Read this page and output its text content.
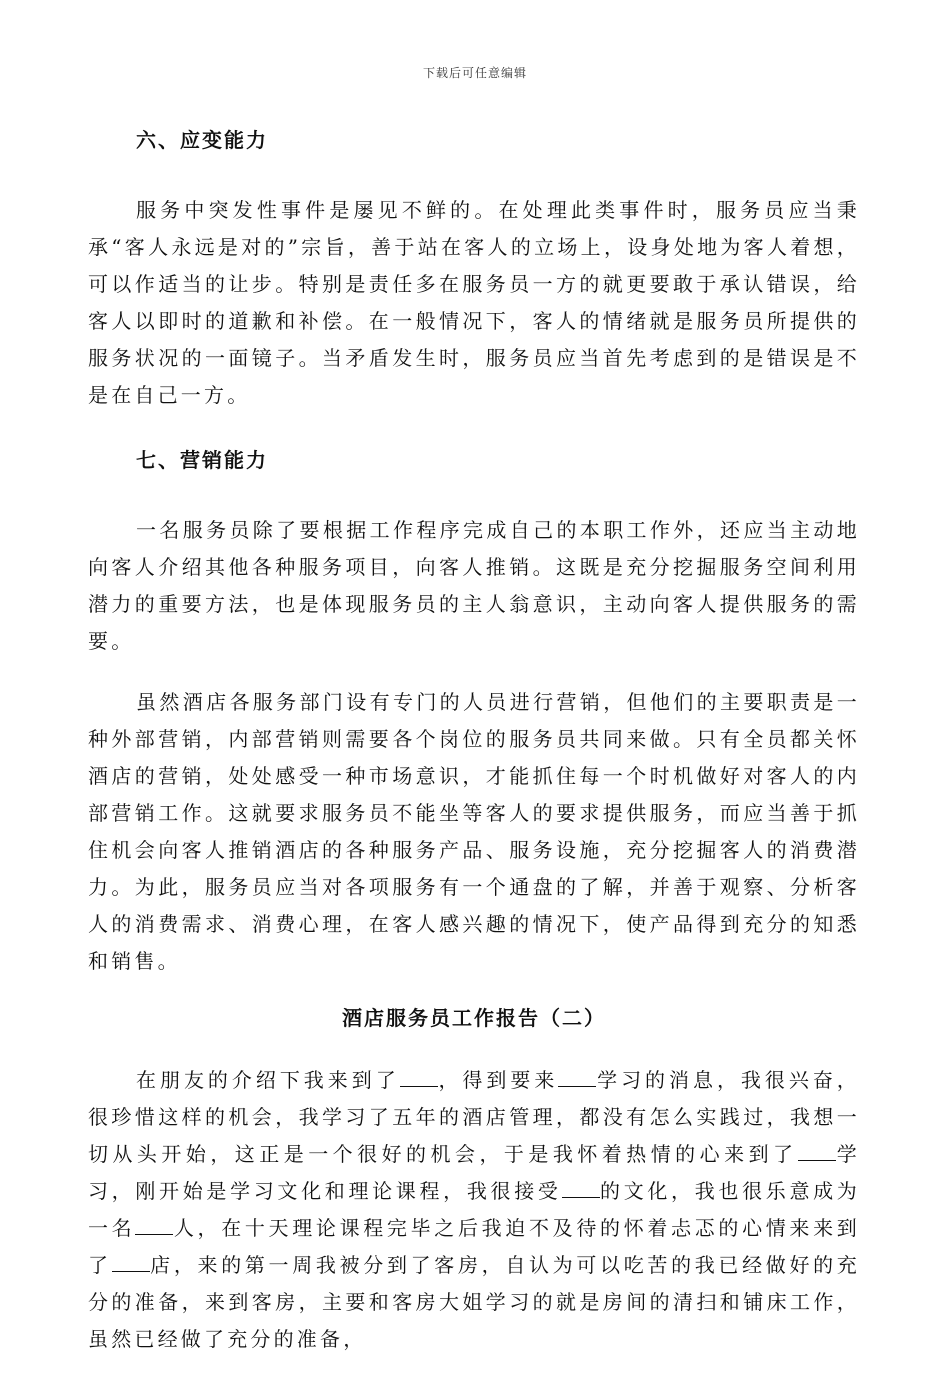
下载后可任意编辑
六、应变能力

服务中突发性事件是屡见不鲜的。在处理此类事件时，服务员应当秉承“客人永远是对的”宗旨，善于站在客人的立场上，设身处地为客人着想，可以作适当的让步。特别是责任多在服务员一方的就更要敢于承认错误，给客人以即时的道歉和补偿。在一般情况下，客人的情绪就是服务员所提供的服务状况的一面镜子。当矛盾发生时，服务员应当首先考虑到的是错误是不是在自己一方。

七、营销能力

一名服务员除了要根据工作程序完成自己的本职工作外，还应当主动地向客人介绍其他各种服务项目，向客人推销。这既是充分挖掘服务空间利用潜力的重要方法，也是体现服务员的主人翁意识，主动向客人提供服务的需要。

虽然酒店各服务部门设有专门的人员进行营销，但他们的主要职责是一种外部营销，内部营销则需要各个岗位的服务员共同来做。只有全员都关怀酒店的营销，处处感受一种市场意识，才能抓住每一个时机做好对客人的内部营销工作。这就要求服务员不能坐等客人的要求提供服务，而应当善于抓住机会向客人推销酒店的各种服务产品、服务设施，充分挖掘客人的消费潜力。为此，服务员应当对各项服务有一个通盘的了解，并善于观察、分析客人的消费需求、消费心理，在客人感兴趣的情况下，使产品得到充分的知悉和销售。

酒店服务员工作报告（二）

在朋友的介绍下我来到了 ，得到要来 学习的消息，我很兴奋，很珍惜这样的机会，我学习了五年的酒店管理，都没有怎么实践过，我想一切从头开始，这正是一个很好的机会，于是我怀着热情的心来到了 学习，刚开始是学习文化和理论课程，我很接受 的文化，我也很乐意成为一名 人，在十天理论课程完毕之后我迫不及待的怀着忐忑的心情来来到了 店，来的第一周我被分到了客房，自认为可以吃苦的我已经做好的充分的准备，来到客房，主要和客房大姐学习的就是房间的清扫和铺床工作，虽然已经做了充分的准备，
